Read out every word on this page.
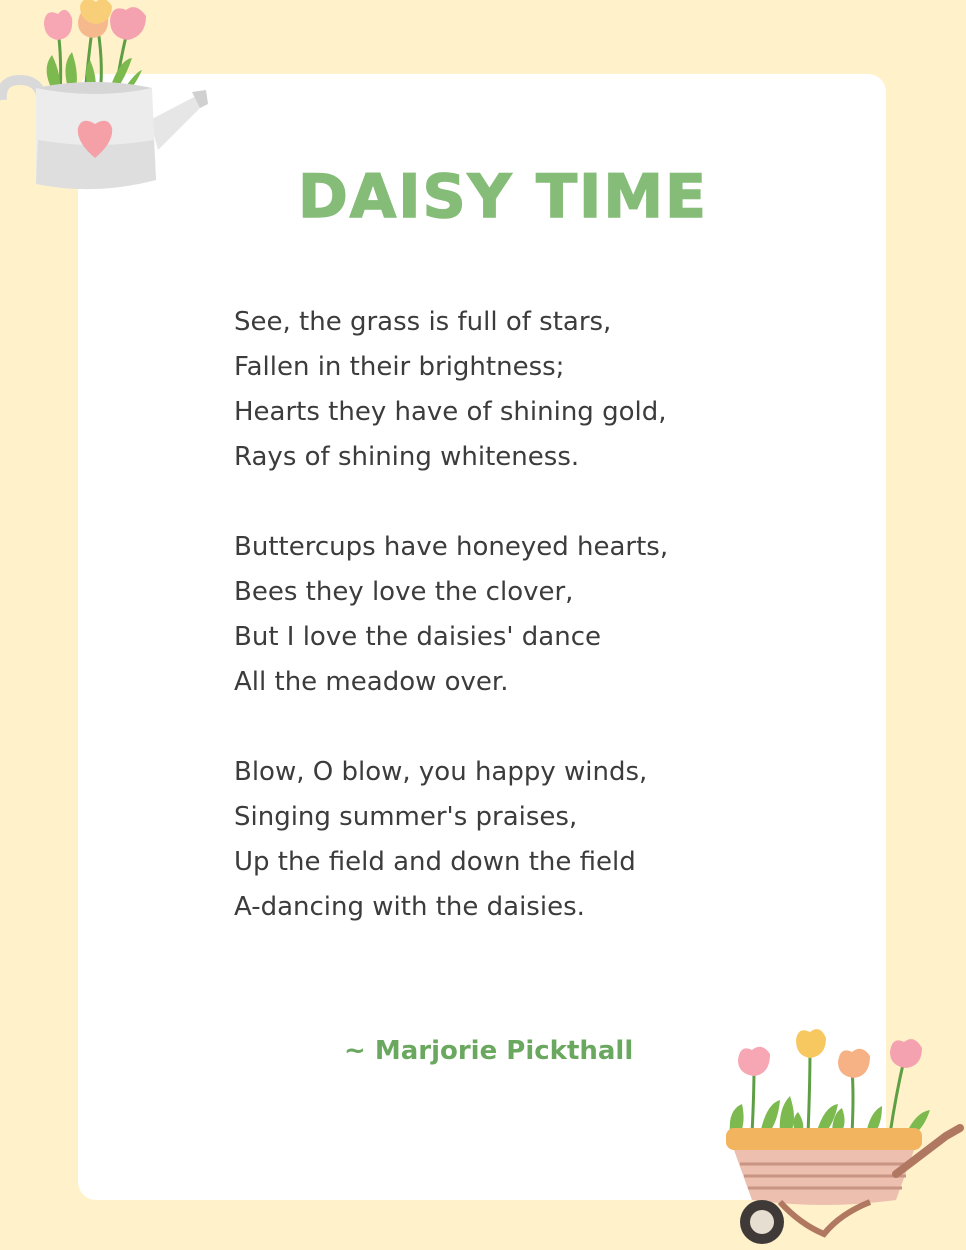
DAISY TIME
See, the grass is full of stars,
Fallen in their brightness;
Hearts they have of shining gold,
Rays of shining whiteness.
Buttercups have honeyed hearts,
Bees they love the clover,
But I love the daisies' dance
All the meadow over.
Blow, O blow, you happy winds,
Singing summer's praises,
Up the field and down the field
A-dancing with the daisies.
~ Marjorie Pickthall
